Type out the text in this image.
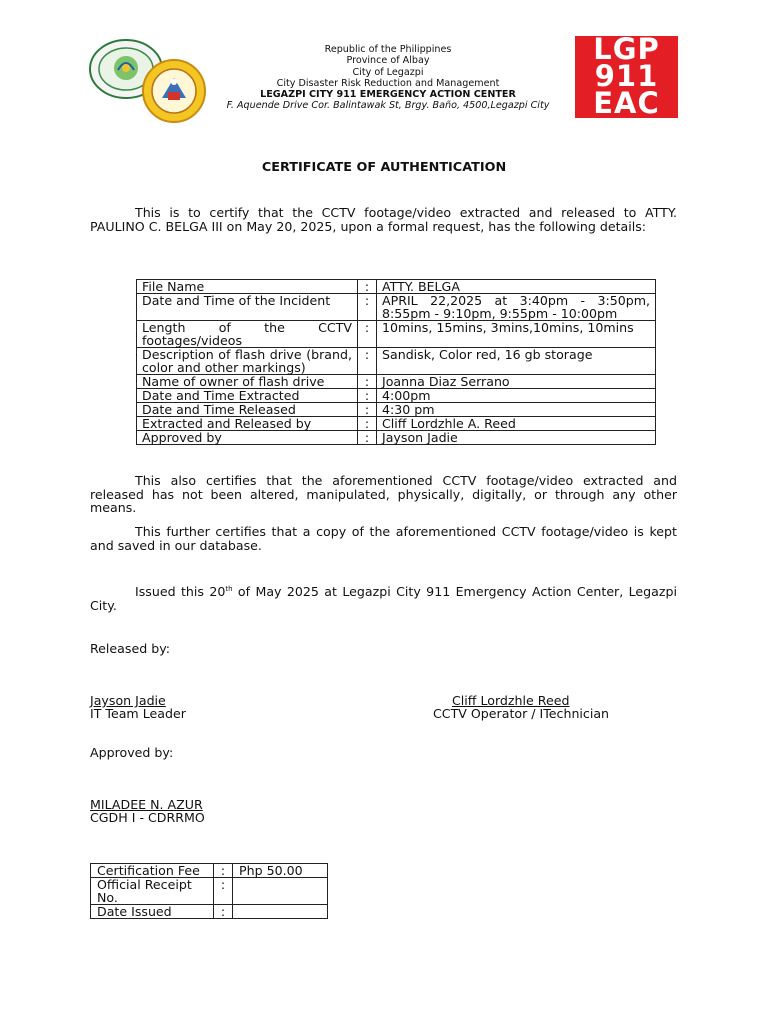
Republic of the Philippines
Province of Albay
City of Legazpi
City Disaster Risk Reduction and Management
LEGAZPI CITY 911 EMERGENCY ACTION CENTER
F. Aquende Drive Cor. Balintawak St, Brgy. Baño, 4500,Legazpi City
LGP
911
EAC
CERTIFICATE OF AUTHENTICATION
This is to certify that the CCTV footage/video extracted and released to ATTY. PAULINO C. BELGA III on May 20, 2025, upon a formal request, has the following details:
File Name	:	ATTY. BELGA
Date and Time of the Incident	:	APRIL 22,2025 at 3:40pm - 3:50pm, 8:55pm - 9:10pm, 9:55pm - 10:00pm
Length of the CCTV footages/videos	:	10mins, 15mins, 3mins,10mins, 10mins
Description of flash drive (brand, color and other markings)	:	Sandisk, Color red, 16 gb storage
Name of owner of flash drive	:	Joanna Diaz Serrano
Date and Time Extracted	:	4:00pm
Date and Time Released	:	4:30 pm
Extracted and Released by	:	Cliff Lordzhle A. Reed
Approved by	:	Jayson Jadie
This also certifies that the aforementioned CCTV footage/video extracted and released has not been altered, manipulated, physically, digitally, or through any other means.
This further certifies that a copy of the aforementioned CCTV footage/video is kept and saved in our database.
Issued this 20th of May 2025 at Legazpi City 911 Emergency Action Center, Legazpi City.
Released by:
Jayson Jadie
IT Team Leader
Cliff Lordzhle Reed
CCTV Operator / ITechnician
Approved by:
MILADEE N. AZUR
CGDH I - CDRRMO
Certification Fee	:	Php 50.00
Official Receipt No.	:	
Date Issued	:	
